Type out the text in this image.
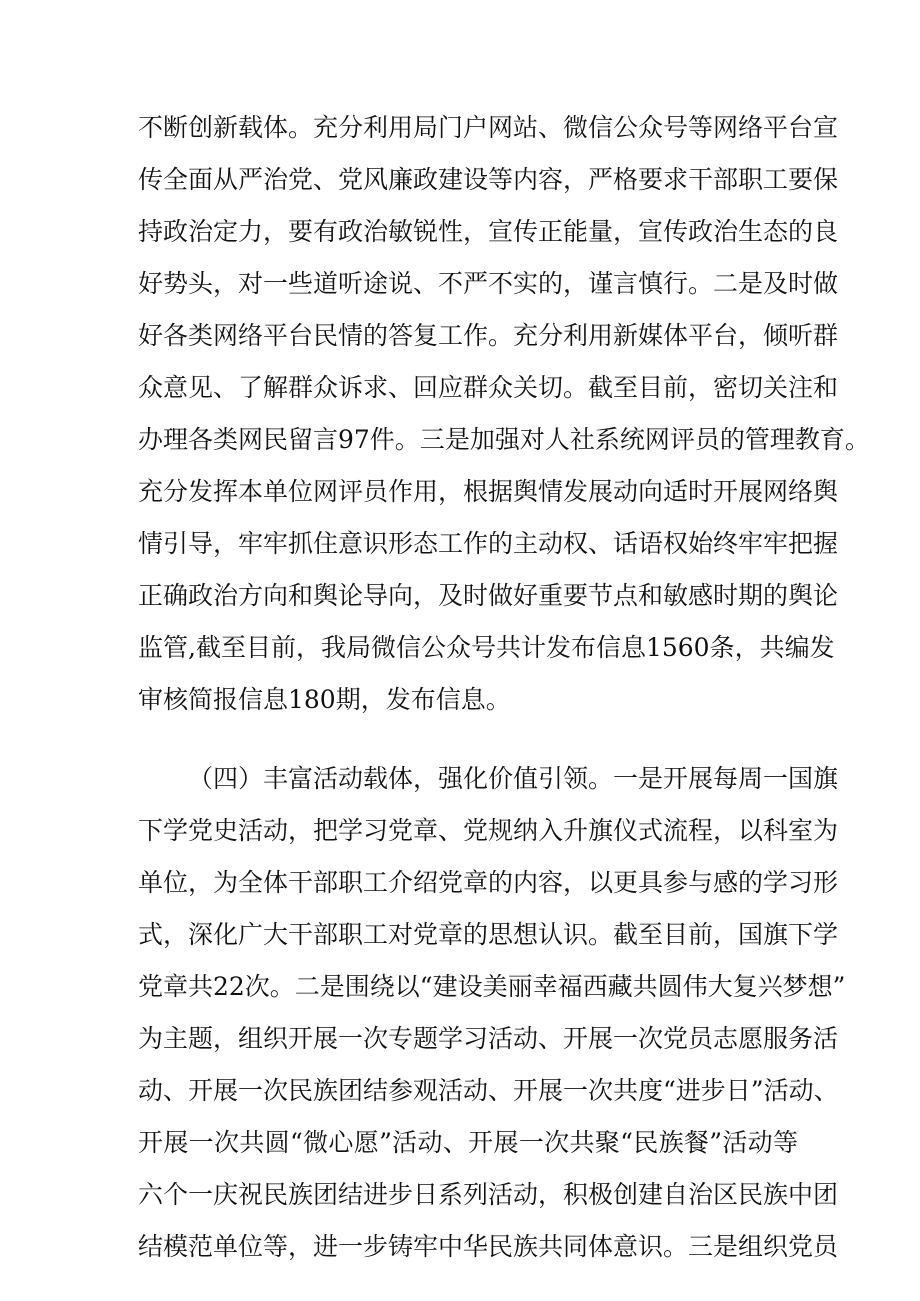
不断创新载体。充分利用局门户网站、微信公众号等网络平台宣
传全面从严治党、党风廉政建设等内容，严格要求干部职工要保
持政治定力，要有政治敏锐性，宣传正能量，宣传政治生态的良
好势头，对一些道听途说、不严不实的，谨言慎行。二是及时做
好各类网络平台民情的答复工作。充分利用新媒体平台，倾听群
众意见、了解群众诉求、回应群众关切。截至目前，密切关注和
办理各类网民留言97件。三是加强对人社系统网评员的管理教育。
充分发挥本单位网评员作用，根据舆情发展动向适时开展网络舆
情引导，牢牢抓住意识形态工作的主动权、话语权始终牢牢把握
正确政治方向和舆论导向，及时做好重要节点和敏感时期的舆论
监管,截至目前，我局微信公众号共计发布信息1560条，共编发
审核简报信息180期，发布信息。
（四）丰富活动载体，强化价值引领。一是开展每周一国旗
下学党史活动，把学习党章、党规纳入升旗仪式流程，以科室为
单位，为全体干部职工介绍党章的内容，以更具参与感的学习形
式，深化广大干部职工对党章的思想认识。截至目前，国旗下学
党章共22次。二是围绕以“建设美丽幸福西藏共圆伟大复兴梦想”
为主题，组织开展一次专题学习活动、开展一次党员志愿服务活
动、开展一次民族团结参观活动、开展一次共度“进步日”活动、
开展一次共圆“微心愿”活动、开展一次共聚“民族餐”活动等
六个一庆祝民族团结进步日系列活动，积极创建自治区民族中团
结模范单位等，进一步铸牢中华民族共同体意识。三是组织党员
